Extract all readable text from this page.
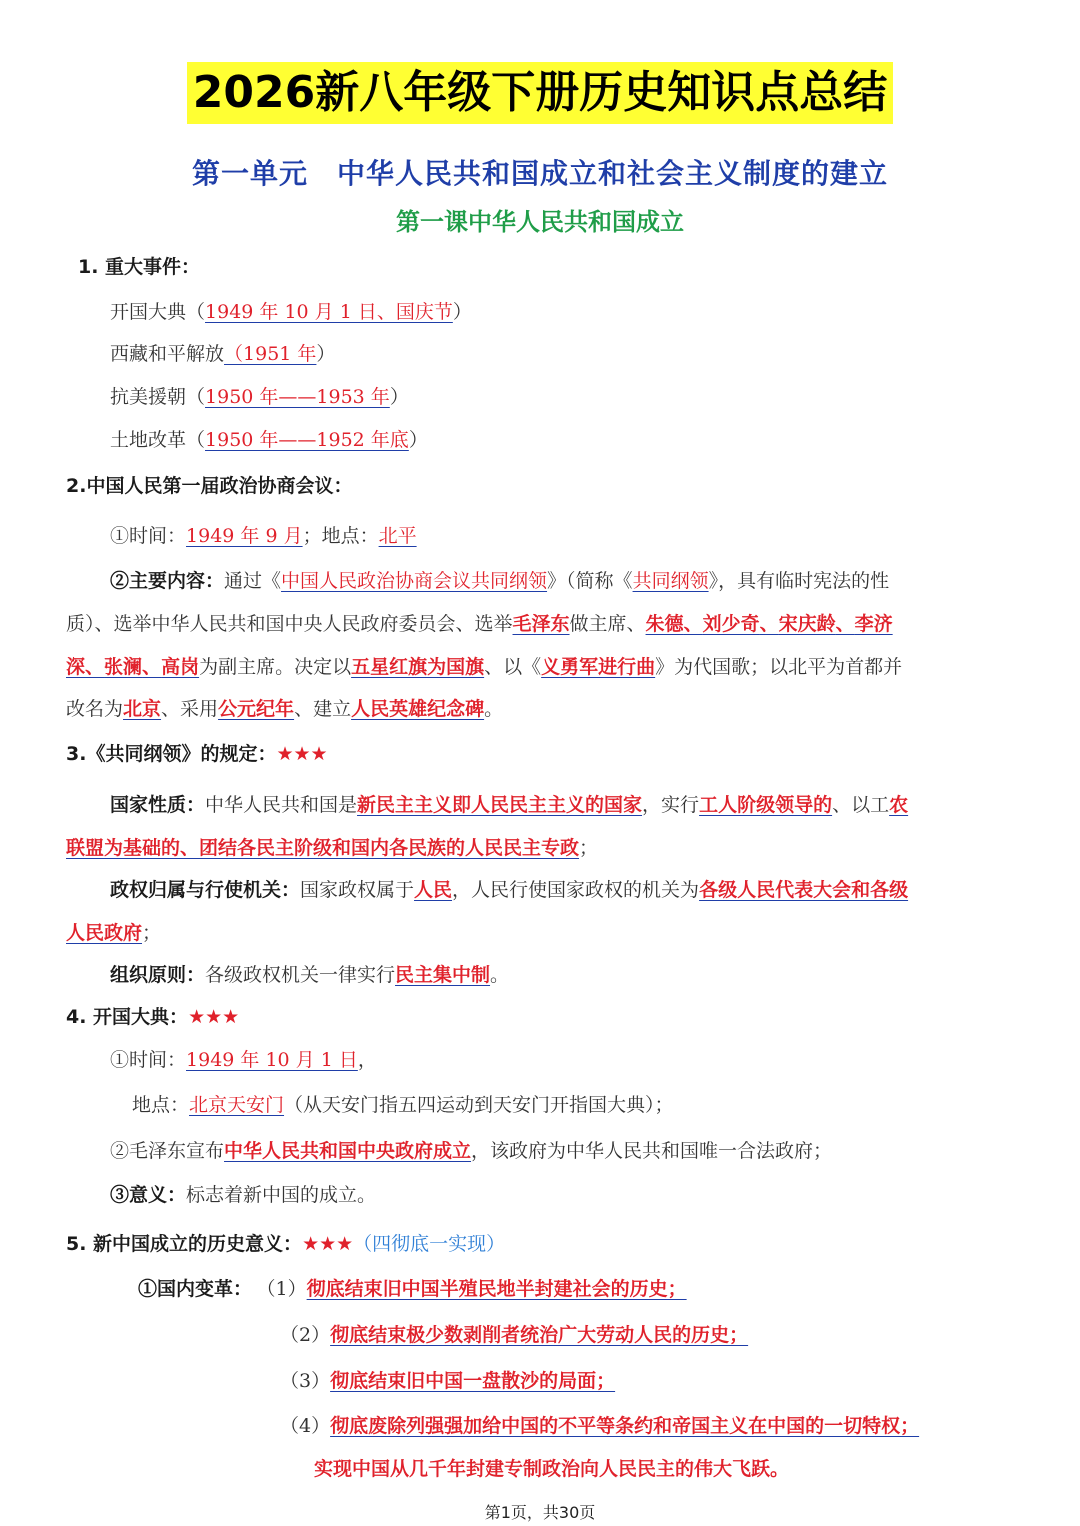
2026新八年级下册历史知识点总结
第一单元　中华人民共和国成立和社会主义制度的建立
第一课中华人民共和国成立
1. 重大事件：
开国大典（1949 年 10 月 1 日、国庆节）
西藏和平解放（1951 年）
抗美援朝（1950 年——1953 年）
土地改革（1950 年——1952 年底）
2.中国人民第一届政治协商会议：
①时间：1949 年 9 月；地点：北平
②主要内容：通过《中国人民政治协商会议共同纲领》（简称《共同纲领》，具有临时宪法的性
质）、选举中华人民共和国中央人民政府委员会、选举毛泽东做主席、朱德、刘少奇、宋庆龄、李济
深、张澜、高岗为副主席。决定以五星红旗为国旗、以《义勇军进行曲》为代国歌；以北平为首都并
改名为北京、采用公元纪年、建立人民英雄纪念碑。
3.《共同纲领》的规定：★★★
国家性质：中华人民共和国是新民主主义即人民民主主义的国家，实行工人阶级领导的、以工农
联盟为基础的、团结各民主阶级和国内各民族的人民民主专政；
政权归属与行使机关：国家政权属于人民，人民行使国家政权的机关为各级人民代表大会和各级
人民政府；
组织原则：各级政权机关一律实行民主集中制。
4. 开国大典：★★★
①时间：1949 年 10 月 1 日，
地点：北京天安门（从天安门指五四运动到天安门开指国大典）；
②毛泽东宣布中华人民共和国中央政府成立，该政府为中华人民共和国唯一合法政府；
③意义：标志着新中国的成立。
5. 新中国成立的历史意义：★★★（四彻底一实现）
①国内变革： （1）彻底结束旧中国半殖民地半封建社会的历史；
（2）彻底结束极少数剥削者统治广大劳动人民的历史；
（3）彻底结束旧中国一盘散沙的局面；
（4）彻底废除列强强加给中国的不平等条约和帝国主义在中国的一切特权；
实现中国从几千年封建专制政治向人民民主的伟大飞跃。
第1页，共30页
